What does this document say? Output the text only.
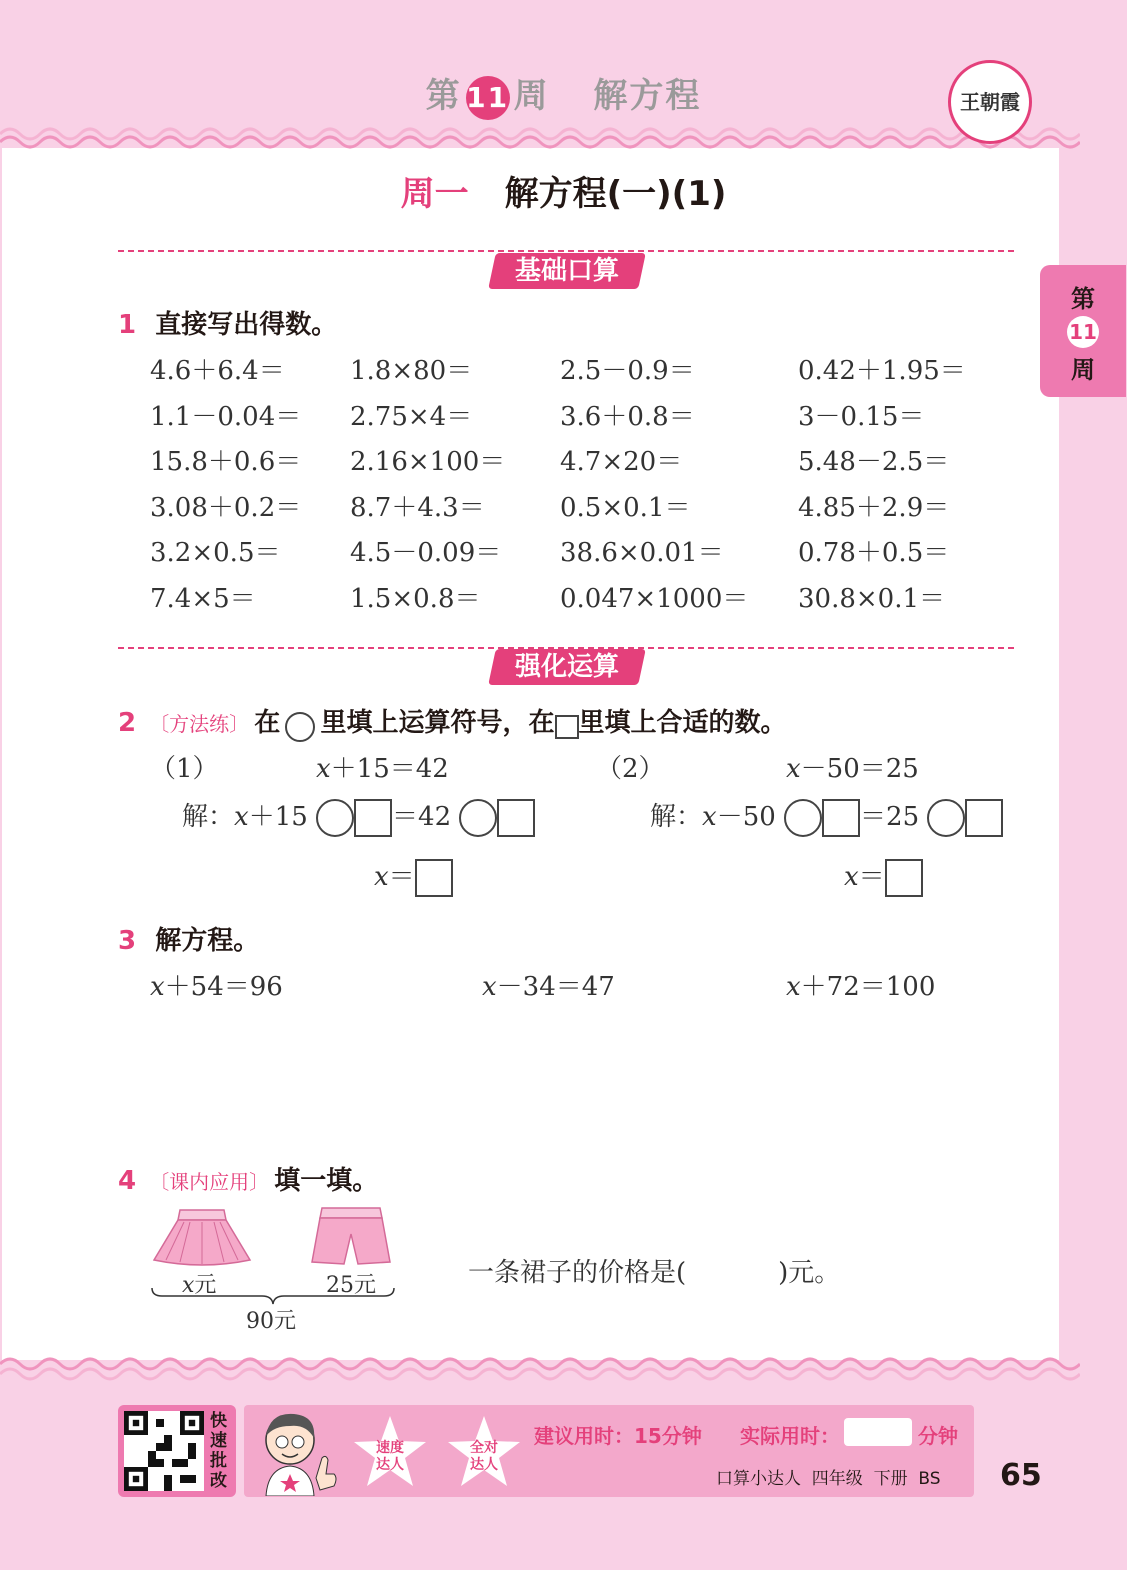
第 11 周 解方程	王朝霞
第
11
周
周一 解方程(一)(1)
基础口算
1 直接写出得数。
4.6＋6.4＝	1.8×80＝	2.5－0.9＝	0.42＋1.95＝
1.1－0.04＝ 2.75×4＝	3.6＋0.8＝	3－0.15＝
15.8＋0.6＝ 2.16×100＝ 4.7×20＝	5.48－2.5＝
3.08＋0.2＝ 8.7＋4.3＝	0.5×0.1＝	4.85＋2.9＝
3.2×0.5＝	4.5－0.09＝ 38.6×0.01＝	0.78＋0.5＝
7.4×5＝	1.5×0.8＝	0.047×1000＝ 30.8×0.1＝
强化运算
2 〔方法练〕 在 里填上运算符号，在 里填上合适的数。
（1）	x＋15＝42
解：x＋15	＝42
x＝
（2）	x－50＝25
解：x－50	＝25
x＝
3 解方程。
x＋54＝96	x－34＝47	x＋72＝100
4 〔课内应用〕 填一填。
x元	25元
90元
一条裙子的价格是(	)元。
快
速
批
改
速度
达人
全对
达人
建议用时：15分钟 实际用时：	分钟
口算小达人  四年级  下册  BS 65
